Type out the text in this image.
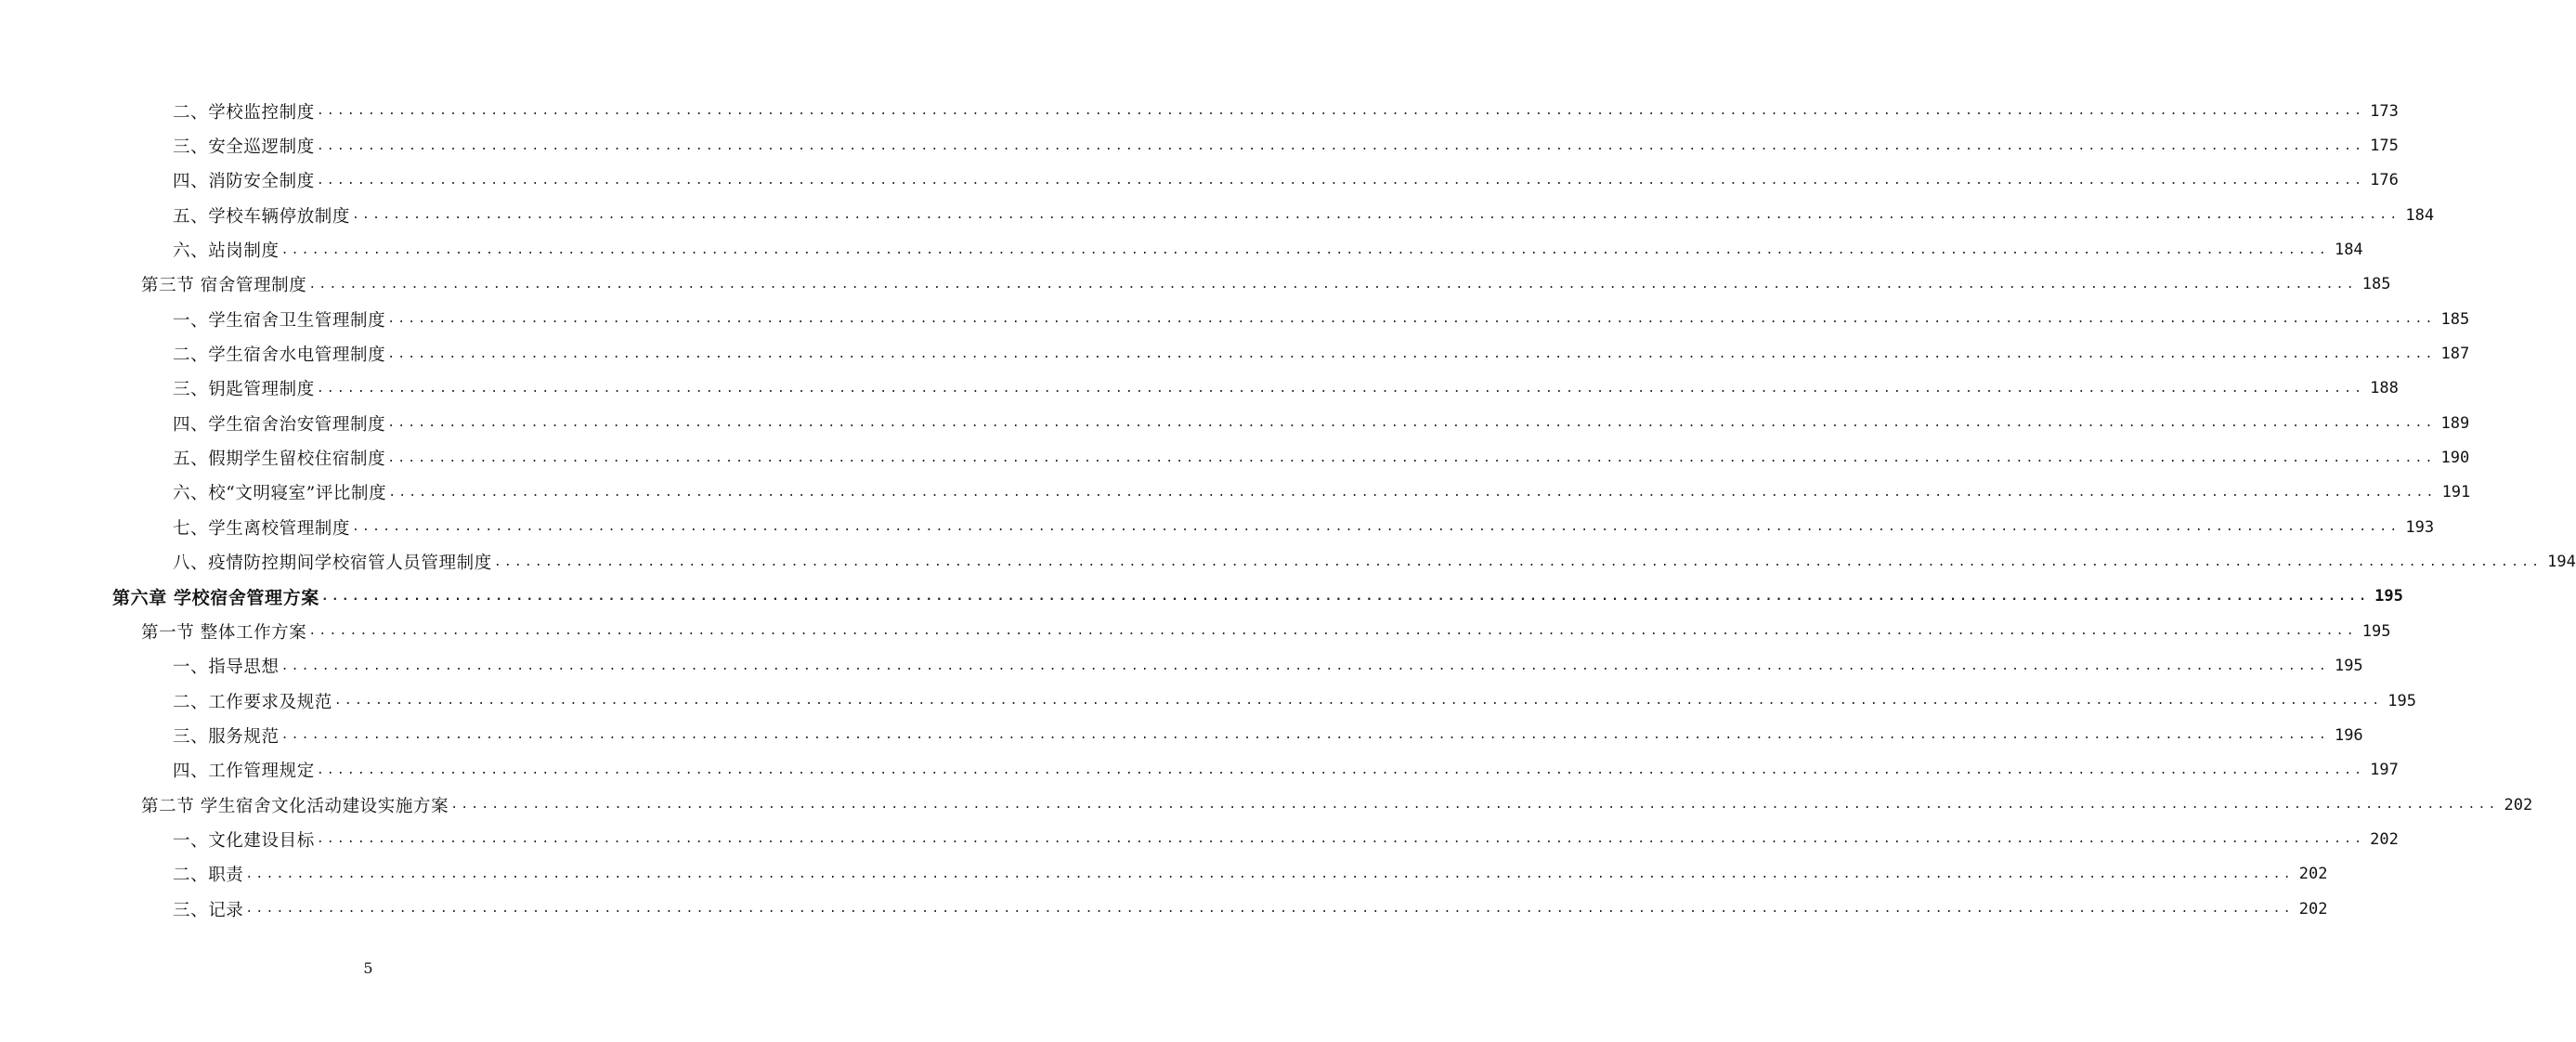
二、学校监控制度 ........................................................................................................................................................................................................ 173
三、安全巡逻制度 ........................................................................................................................................................................................................ 175
四、消防安全制度 ........................................................................................................................................................................................................ 176
五、学校车辆停放制度 ........................................................................................................................................................................................................ 184
六、站岗制度 ........................................................................................................................................................................................................ 184
第三节 宿舍管理制度 ........................................................................................................................................................................................................ 185
一、学生宿舍卫生管理制度 ........................................................................................................................................................................................................ 185
二、学生宿舍水电管理制度 ........................................................................................................................................................................................................ 187
三、钥匙管理制度 ........................................................................................................................................................................................................ 188
四、学生宿舍治安管理制度 ........................................................................................................................................................................................................ 189
五、假期学生留校住宿制度 ........................................................................................................................................................................................................ 190
六、校“文明寝室”评比制度 ........................................................................................................................................................................................................ 191
七、学生离校管理制度 ........................................................................................................................................................................................................ 193
八、疫情防控期间学校宿管人员管理制度 ........................................................................................................................................................................................................ 194
第六章 学校宿舍管理方案 ........................................................................................................................................................................................................ 195
第一节 整体工作方案 ........................................................................................................................................................................................................ 195
一、指导思想 ........................................................................................................................................................................................................ 195
二、工作要求及规范 ........................................................................................................................................................................................................ 195
三、服务规范 ........................................................................................................................................................................................................ 196
四、工作管理规定 ........................................................................................................................................................................................................ 197
第二节 学生宿舍文化活动建设实施方案 ........................................................................................................................................................................................................ 202
一、文化建设目标 ........................................................................................................................................................................................................ 202
二、职责 ........................................................................................................................................................................................................ 202
三、记录 ........................................................................................................................................................................................................ 202
5
